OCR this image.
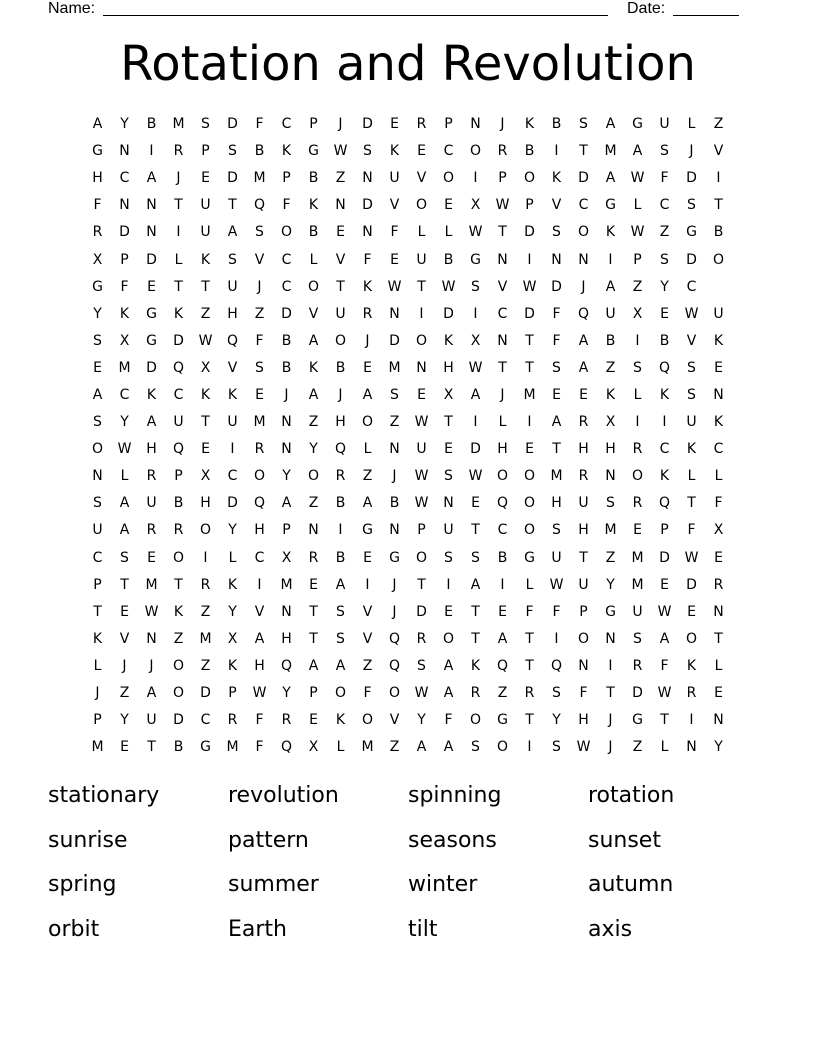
Name:	Date:
Rotation and Revolution
A	Y	B	M	S	D	F	C	P	J	D	E	R	P	N	J	K	B	S	A	G	U	L	Z
G	N	I	R	P	S	B	K	G	W	S	K	E	C	O	R	B	I	T	M	A	S	J	V
H	C	A	J	E	D	M	P	B	Z	N	U	V	O	I	P	O	K	D	A	W	F	D	I
F	N	N	T	U	T	Q	F	K	N	D	V	O	E	X	W	P	V	C	G	L	C	S	T
R	D	N	I	U	A	S	O	B	E	N	F	L	L	W	T	D	S	O	K	W	Z	G	B
X	P	D	L	K	S	V	C	L	V	F	E	U	B	G	N	I	N	N	I	P	S	D	O
G	F	E	T	T	U	J	C	O	T	K	W	T	W	S	V	W	D	J	A	Z	Y	C
Y	K	G	K	Z	H	Z	D	V	U	R	N	I	D	I	C	D	F	Q	U	X	E	W	U
S	X	G	D	W	Q	F	B	A	O	J	D	O	K	X	N	T	F	A	B	I	B	V	K
E	M	D	Q	X	V	S	B	K	B	E	M	N	H	W	T	T	S	A	Z	S	Q	S	E
A	C	K	C	K	K	E	J	A	J	A	S	E	X	A	J	M	E	E	K	L	K	S	N
S	Y	A	U	T	U	M	N	Z	H	O	Z	W	T	I	L	I	A	R	X	I	I	U	K
O	W	H	Q	E	I	R	N	Y	Q	L	N	U	E	D	H	E	T	H	H	R	C	K	C
N	L	R	P	X	C	O	Y	O	R	Z	J	W	S	W	O	O	M	R	N	O	K	L	L
S	A	U	B	H	D	Q	A	Z	B	A	B	W	N	E	Q	O	H	U	S	R	Q	T	F
U	A	R	R	O	Y	H	P	N	I	G	N	P	U	T	C	O	S	H	M	E	P	F	X
C	S	E	O	I	L	C	X	R	B	E	G	O	S	S	B	G	U	T	Z	M	D	W	E
P	T	M	T	R	K	I	M	E	A	I	J	T	I	A	I	L	W	U	Y	M	E	D	R
T	E	W	K	Z	Y	V	N	T	S	V	J	D	E	T	E	F	F	P	G	U	W	E	N
K	V	N	Z	M	X	A	H	T	S	V	Q	R	O	T	A	T	I	O	N	S	A	O	T
L	J	J	O	Z	K	H	Q	A	A	Z	Q	S	A	K	Q	T	Q	N	I	R	F	K	L
J	Z	A	O	D	P	W	Y	P	O	F	O	W	A	R	Z	R	S	F	T	D	W	R	E
P	Y	U	D	C	R	F	R	E	K	O	V	Y	F	O	G	T	Y	H	J	G	T	I	N
M	E	T	B	G	M	F	Q	X	L	M	Z	A	A	S	O	I	S	W	J	Z	L	N	Y
stationary	revolution	spinning	rotation
sunrise	pattern	seasons	sunset
spring	summer	winter	autumn
orbit	Earth	tilt	axis
